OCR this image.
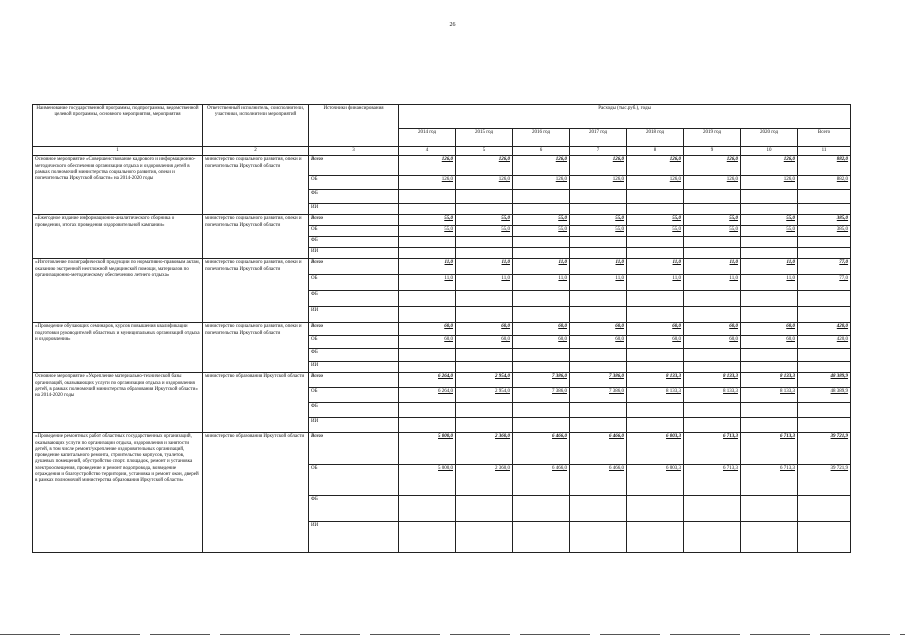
26
Наименование государственной программы, подпрограммы, ведомственной целевой программы, основного мероприятия, мероприятия	Ответственный исполнитель, соисполнители, участники, исполнители мероприятий	Источники финансирования	Расходы (тыс.руб.), годы							
			2014 год	2015 год	2016 год	2017 год	2018 год	2019 год	2020 год	Всего
1	2	3	4	5	6	7	8	9	10	11
Основное мероприятие «Совершенствование кадрового и информационно-методического обеспечения организации отдыха и оздоровления детей в рамках полномочий министерства социального развития, опеки и попечительства Иркутской области» на 2014-2020 годы	министерство социального развития, опеки и попечительства Иркутской области	Всего	126,0	126,0	126,0	126,0	126,0	126,0	126,0	882,0
		ОБ	126,0	126,0	126,0	126,0	126,0	126,0	126,0	882,0
		ФБ								
		ИИ								
«Ежегодное издание информационно-аналитического сборника о проведении, итогах проведения оздоровительной кампании»	министерство социального развития, опеки и попечительства Иркутской области	Всего	55,0	55,0	55,0	55,0	55,0	55,0	55,0	385,0
		ОБ	55,0	55,0	55,0	55,0	55,0	55,0	55,0	385,0
		ФБ								
		ИИ								
«Изготовление полиграфической продукции по нормативно-правовым актам, оказанию экстренной неотложной медицинской помощи, материалов по организационно-методическому обеспечению летнего отдыха»	министерство социального развития, опеки и попечительства Иркутской области	Всего	11,0	11,0	11,0	11,0	11,0	11,0	11,0	77,0
		ОБ	11,0	11,0	11,0	11,0	11,0	11,0	11,0	77,0
		ФБ								
		ИИ								
«Проведение обучающих семинаров, курсов повышения квалификации подготовки руководителей областных и муниципальных организаций отдыха и оздоровления»	министерство социального развития, опеки и попечительства Иркутской области	Всего	60,0	60,0	60,0	60,0	60,0	60,0	60,0	420,0
		ОБ	60,0	60,0	60,0	60,0	60,0	60,0	60,0	420,0
		ФБ								
		ИИ								
Основное мероприятие «Укрепление материально-технической базы организаций, оказывающих услуги по организации отдыха и оздоровления детей, в рамках полномочий министерства образования Иркутской области» на 2014-2020 годы	министерство образования Иркутской области	Всего	6 264,0	2 954,0	7 386,0	7 386,0	8 133,3	8 133,3	8 133,3	48 389,9
		ОБ	6 264,0	2 954,0	7 386,0	7 386,0	8 133,3	8 133,3	8 133,3	48 389,9
		ФБ								
		ИИ								
«Проведение ремонтных работ областных государственных организаций, оказывающих услуги по организации отдыха, оздоровления и занятости детей, в том числе ремонт/укрепление оздоровительных организаций, проведение капитального ремонта, строительство корпусов, туалетов, душевых помещений, обустройство спорт. площадок, ремонт и установка электроосвещения, проведение и ремонт водопровода, возведение ограждения и благоустройство территории, установка и ремонт окон, дверей в рамках полномочий министерства образования Иркутской области»	министерство образования Иркутской области	Всего	5 000,0	2 360,0	6 466,0	6 466,0	6 003,3	6 713,3	6 713,3	39 721,9
		ОБ	5 000,0	2 360,0	6 466,0	6 466,0	6 003,3	6 713,3	6 713,3	39 721,9
		ФБ								
		ИИ								
